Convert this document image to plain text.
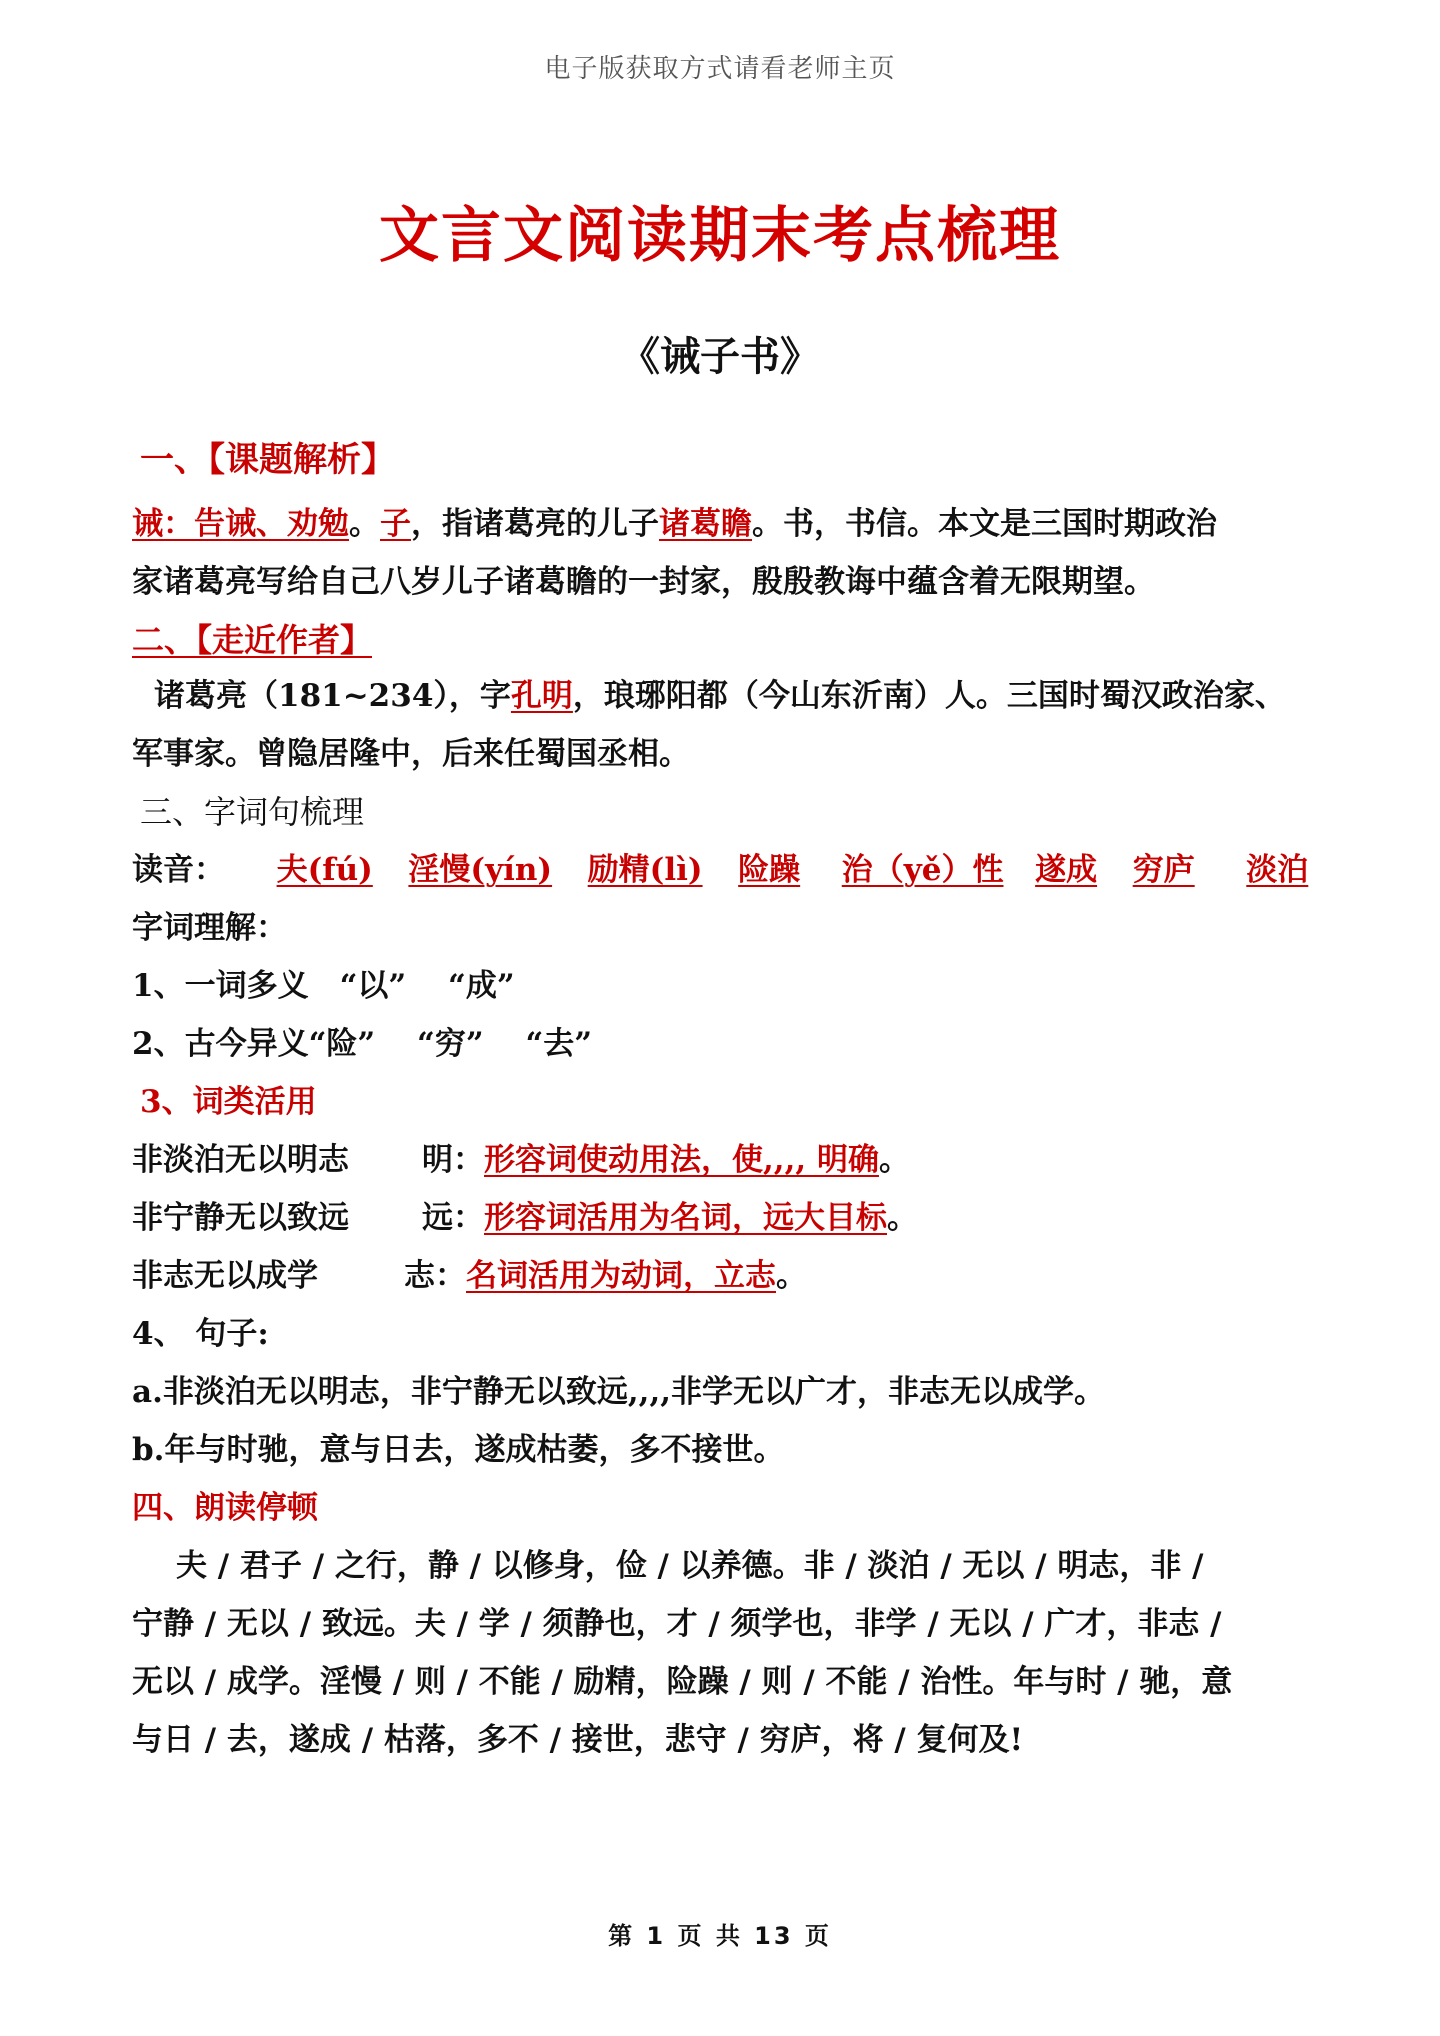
电子版获取方式请看老师主页
文言文阅读期末考点梳理
《诫子书》
一、【课题解析】
诫：告诫、劝勉。子，指诸葛亮的儿子诸葛瞻。书，书信。本文是三国时期政治
家诸葛亮写给自己八岁儿子诸葛瞻的一封家，殷殷教诲中蕴含着无限期望。
二、【走近作者】
诸葛亮（181~234），字孔明，琅琊阳都（今山东沂南）人。三国时蜀汉政治家、
军事家。曾隐居隆中，后来任蜀国丞相。
三、字词句梳理
读音： 夫(fú) 淫慢(yín) 励精(lì) 险躁 治（yě）性 遂成 穷庐 淡泊
字词理解：
1、一词多义　“以”　 “成”
2、古今异义“险”　 “穷”　 “去”
3、词类活用
非淡泊无以明志 明：形容词使动用法，使,,,, 明确。
非宁静无以致远 远：形容词活用为名词，远大目标。
非志无以成学	志：名词活用为动词，立志。
4、 句子:
a.非淡泊无以明志，非宁静无以致远,,,,非学无以广才，非志无以成学。
b.年与时驰，意与日去，遂成枯萎，多不接世。
四、朗读停顿
夫 / 君子 / 之行，静 / 以修身，俭 / 以养德。非 / 淡泊 / 无以 / 明志，非 /
宁静 / 无以 / 致远。夫 / 学 / 须静也，才 / 须学也，非学 / 无以 / 广才，非志 /
无以 / 成学。淫慢 / 则 / 不能 / 励精，险躁 / 则 / 不能 / 治性。年与时 / 驰，意
与日 / 去，遂成 / 枯落，多不 / 接世，悲守 / 穷庐，将 / 复何及!
第 1 页 共 13 页
